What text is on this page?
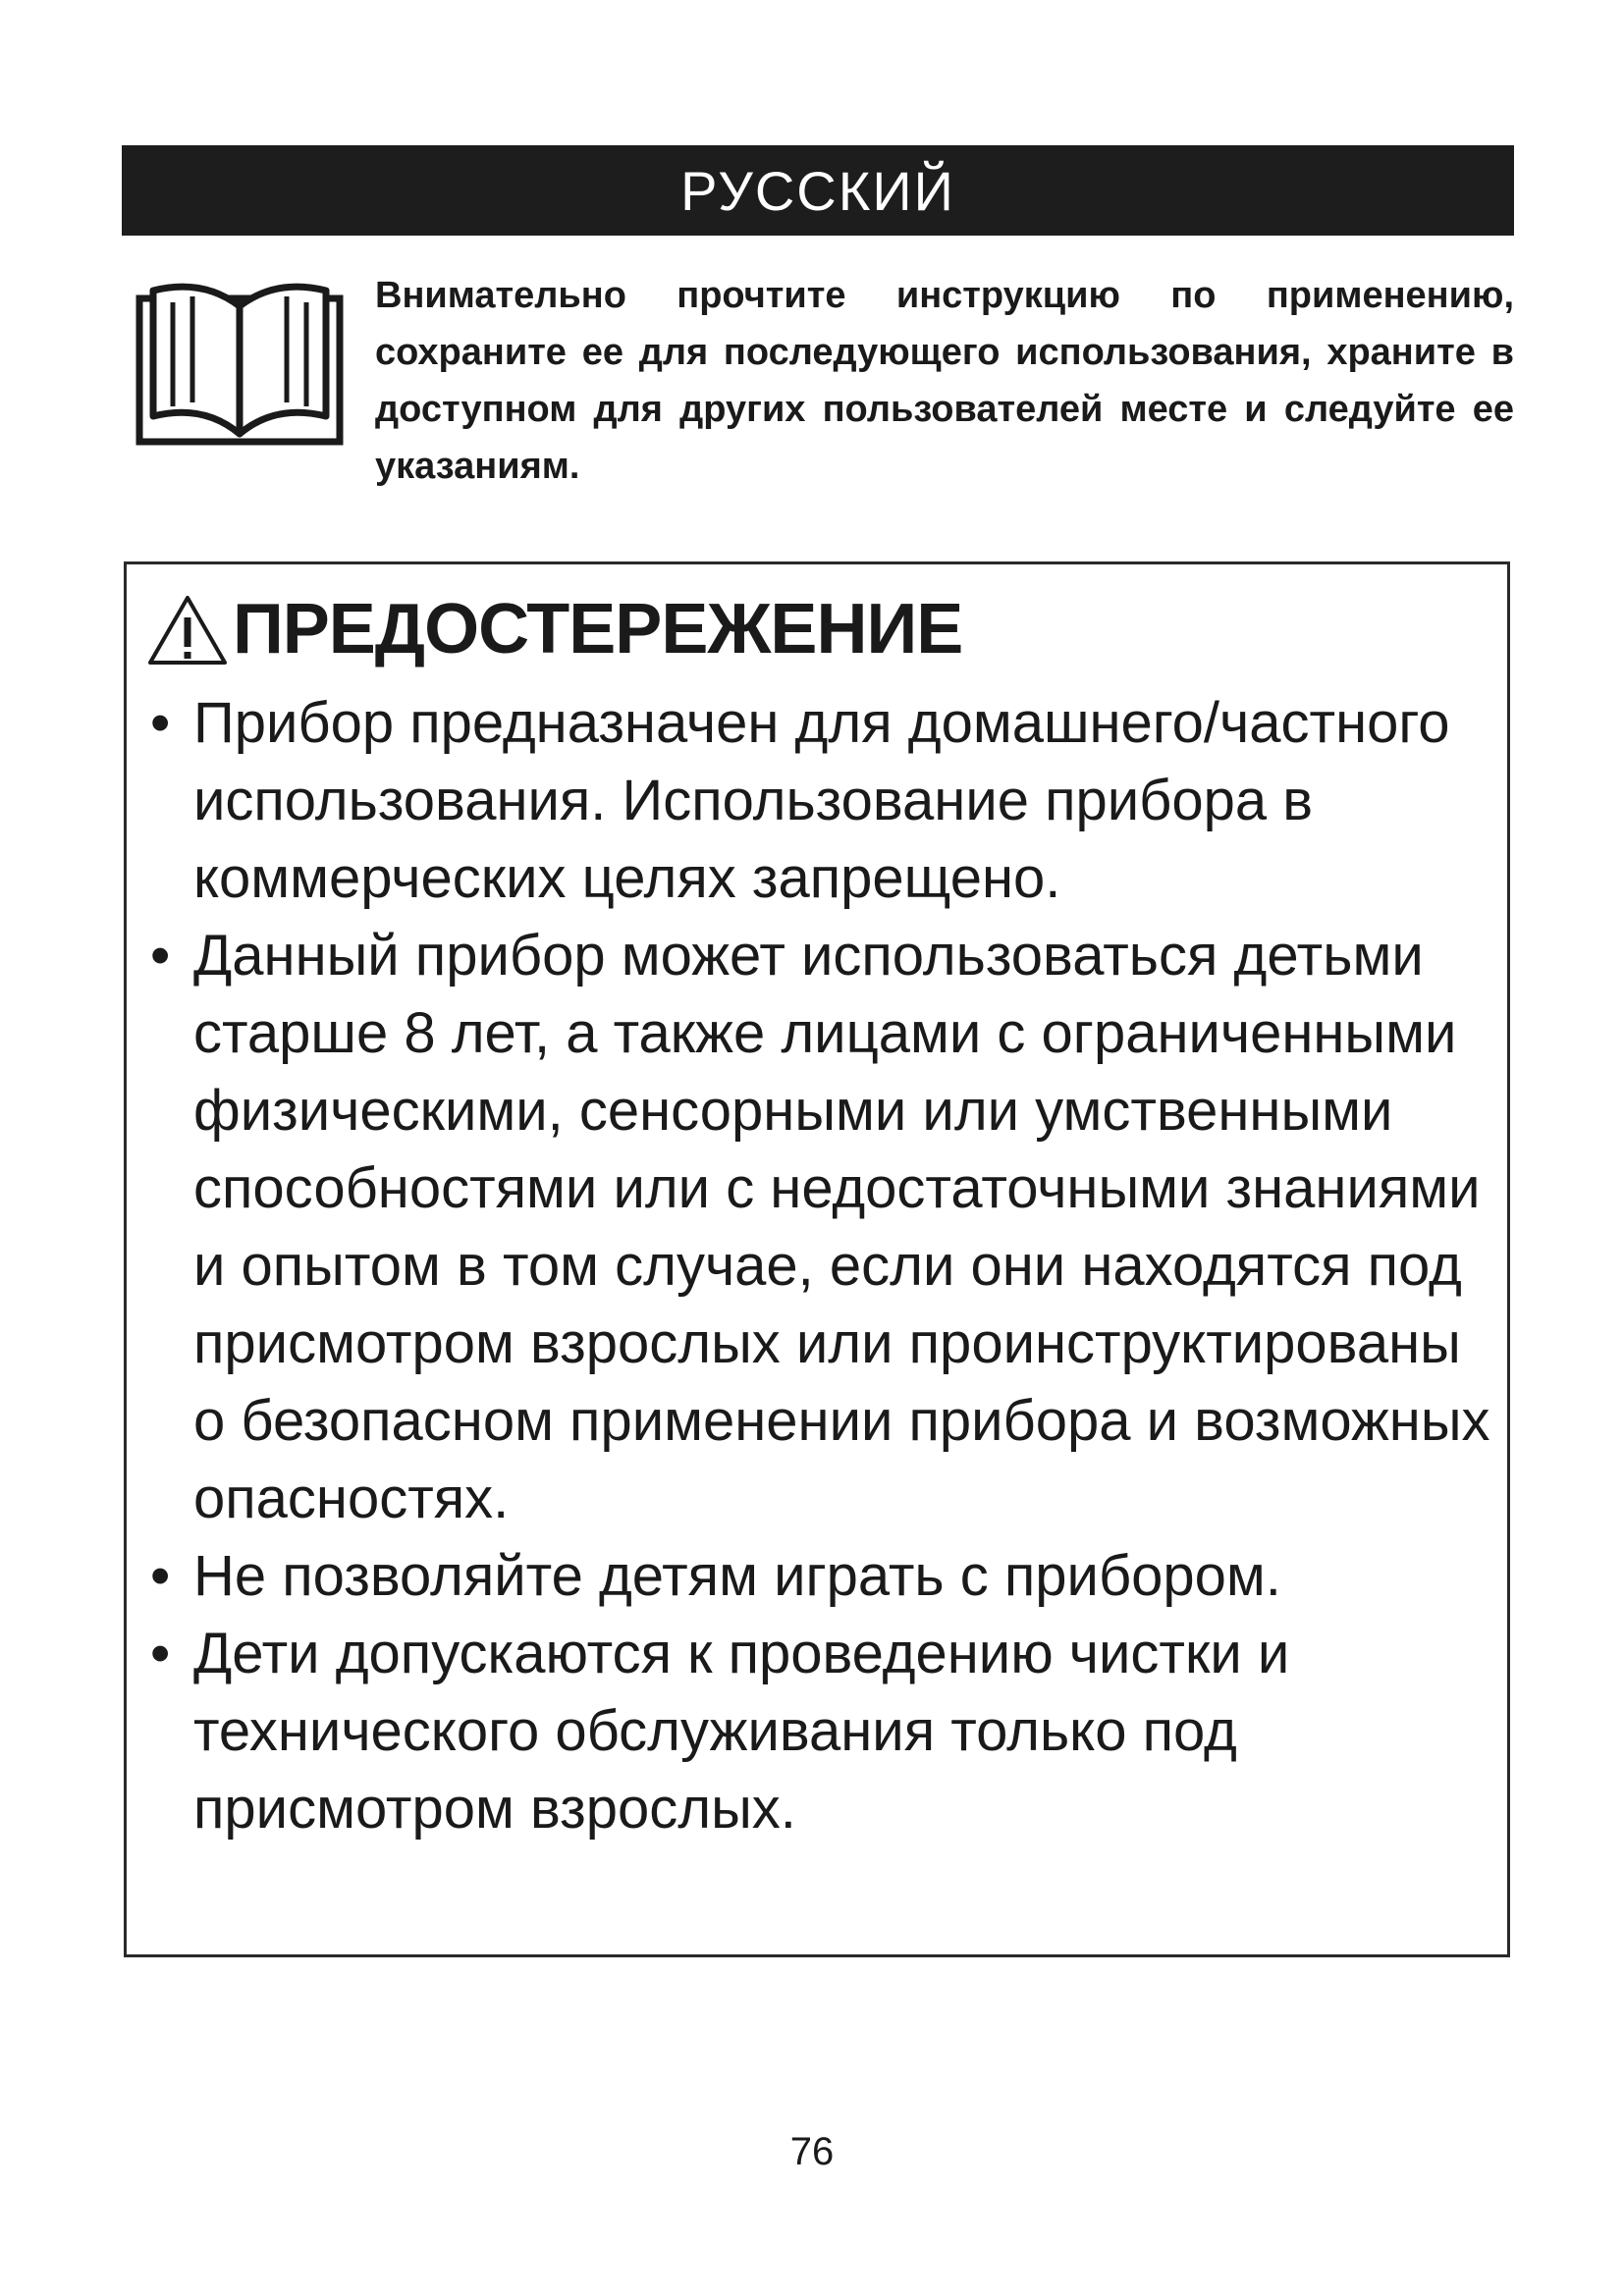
РУССКИЙ

Внимательно прочтите инструкцию по применению, сохраните ее для последующего использования, храните в доступном для других пользователей месте и следуйте ее указаниям.

ПРЕДОСТЕРЕЖЕНИЕ
• Прибор предназначен для домашнего/частного использования. Использование прибора в коммерческих целях запрещено.
• Данный прибор может использоваться детьми старше 8 лет, а также лицами с ограниченными физическими, сенсорными или умственными способностями или с недостаточными знаниями и опытом в том случае, если они находятся под присмотром взрослых или проинструктированы о безопасном применении прибора и возможных опасностях.
• Не позволяйте детям играть с прибором.
• Дети допускаются к проведению чистки и технического обслуживания только под присмотром взрослых.
76
